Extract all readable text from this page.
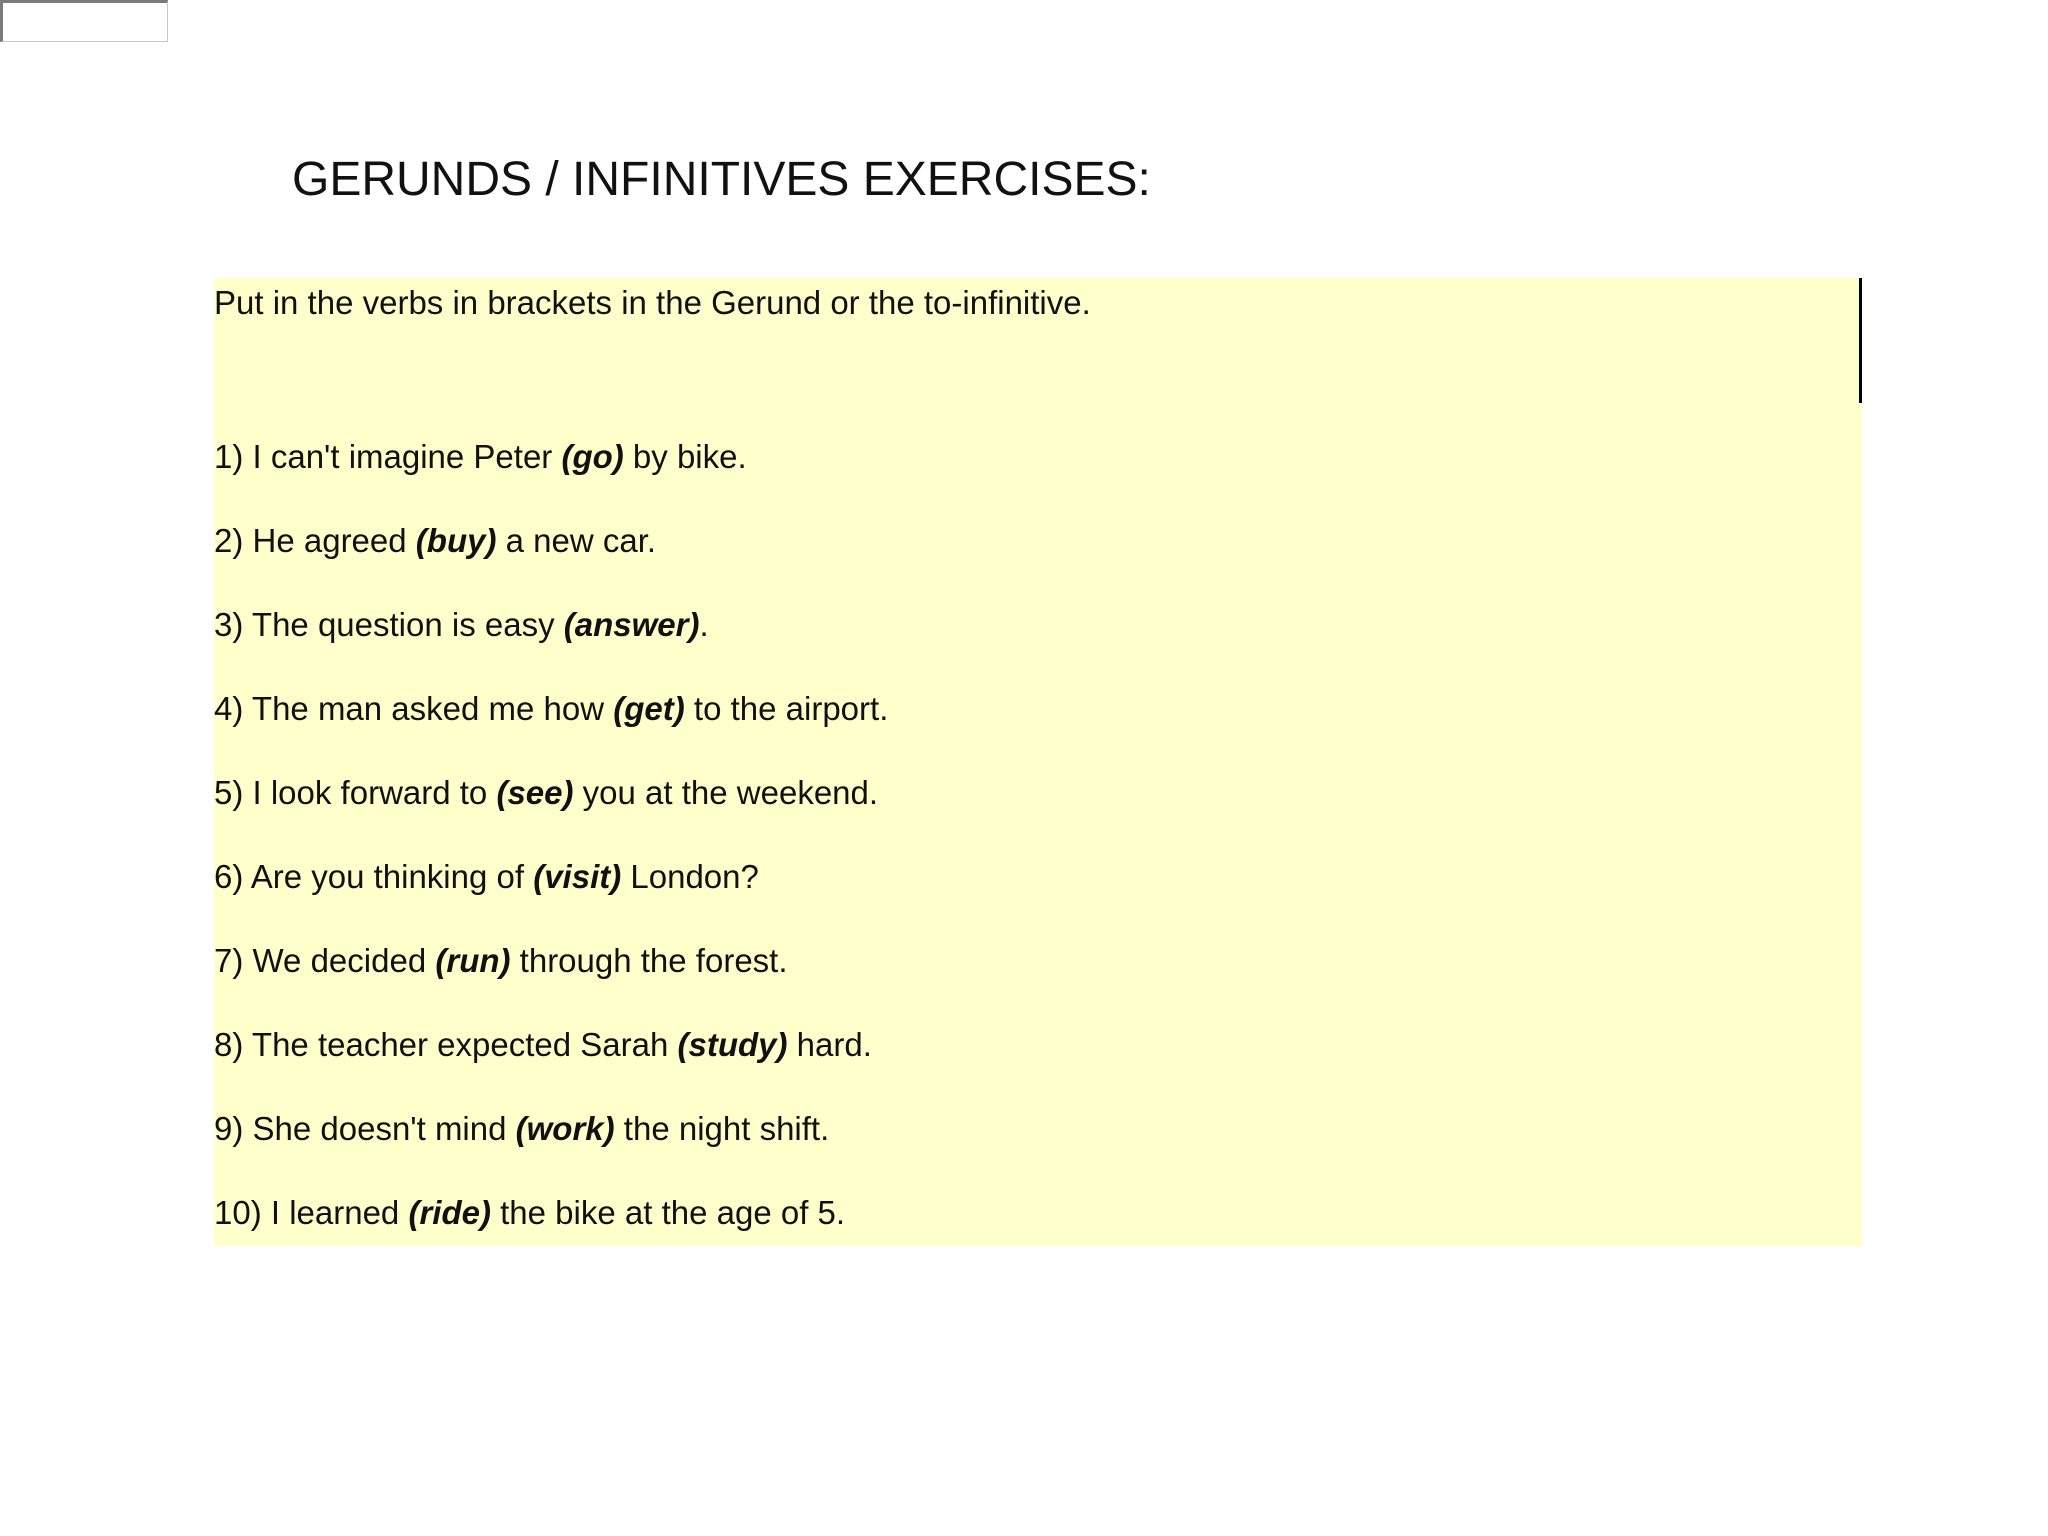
GERUNDS / INFINITIVES EXERCISES:

Put in the verbs in brackets in the Gerund or the to-infinitive.

1) I can't imagine Peter (go) by bike.

2) He agreed (buy) a new car.

3) The question is easy (answer).

4) The man asked me how (get) to the airport.

5) I look forward to (see) you at the weekend.

6) Are you thinking of (visit) London?

7) We decided (run) through the forest.

8) The teacher expected Sarah (study) hard.

9) She doesn't mind (work) the night shift.

10) I learned (ride) the bike at the age of 5.
